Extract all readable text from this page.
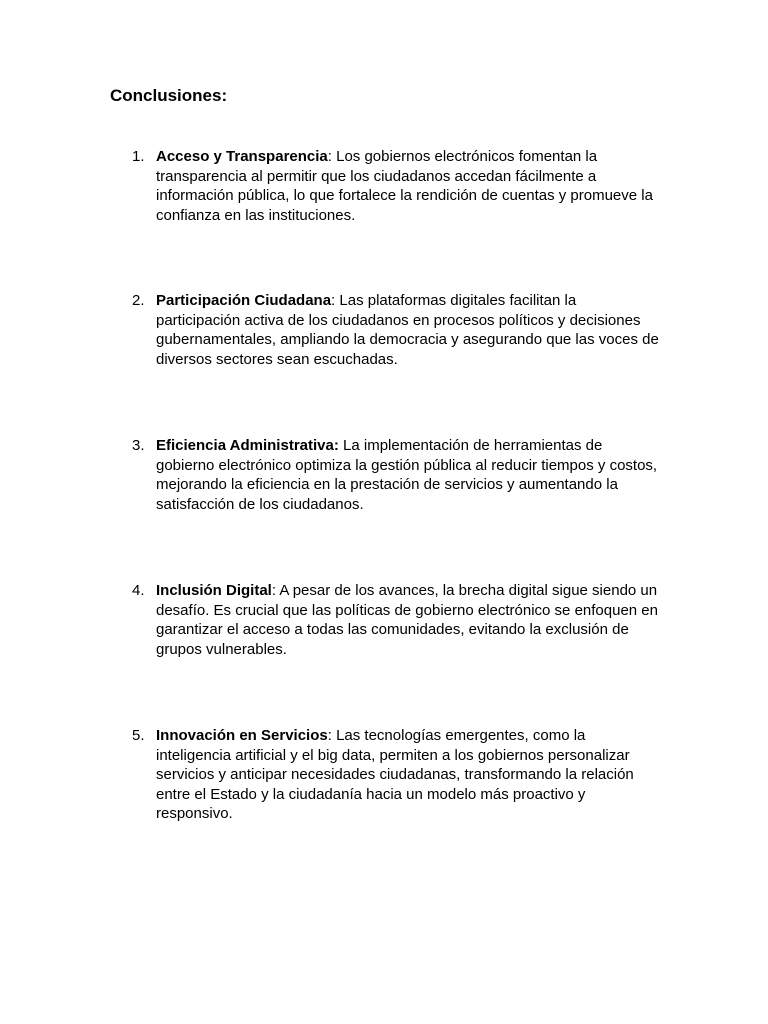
Conclusiones:
1. Acceso y Transparencia: Los gobiernos electrónicos fomentan la transparencia al permitir que los ciudadanos accedan fácilmente a información pública, lo que fortalece la rendición de cuentas y promueve la confianza en las instituciones.
2. Participación Ciudadana: Las plataformas digitales facilitan la participación activa de los ciudadanos en procesos políticos y decisiones gubernamentales, ampliando la democracia y asegurando que las voces de diversos sectores sean escuchadas.
3. Eficiencia Administrativa: La implementación de herramientas de gobierno electrónico optimiza la gestión pública al reducir tiempos y costos, mejorando la eficiencia en la prestación de servicios y aumentando la satisfacción de los ciudadanos.
4. Inclusión Digital: A pesar de los avances, la brecha digital sigue siendo un desafío. Es crucial que las políticas de gobierno electrónico se enfoquen en garantizar el acceso a todas las comunidades, evitando la exclusión de grupos vulnerables.
5. Innovación en Servicios: Las tecnologías emergentes, como la inteligencia artificial y el big data, permiten a los gobiernos personalizar servicios y anticipar necesidades ciudadanas, transformando la relación entre el Estado y la ciudadanía hacia un modelo más proactivo y responsivo.
